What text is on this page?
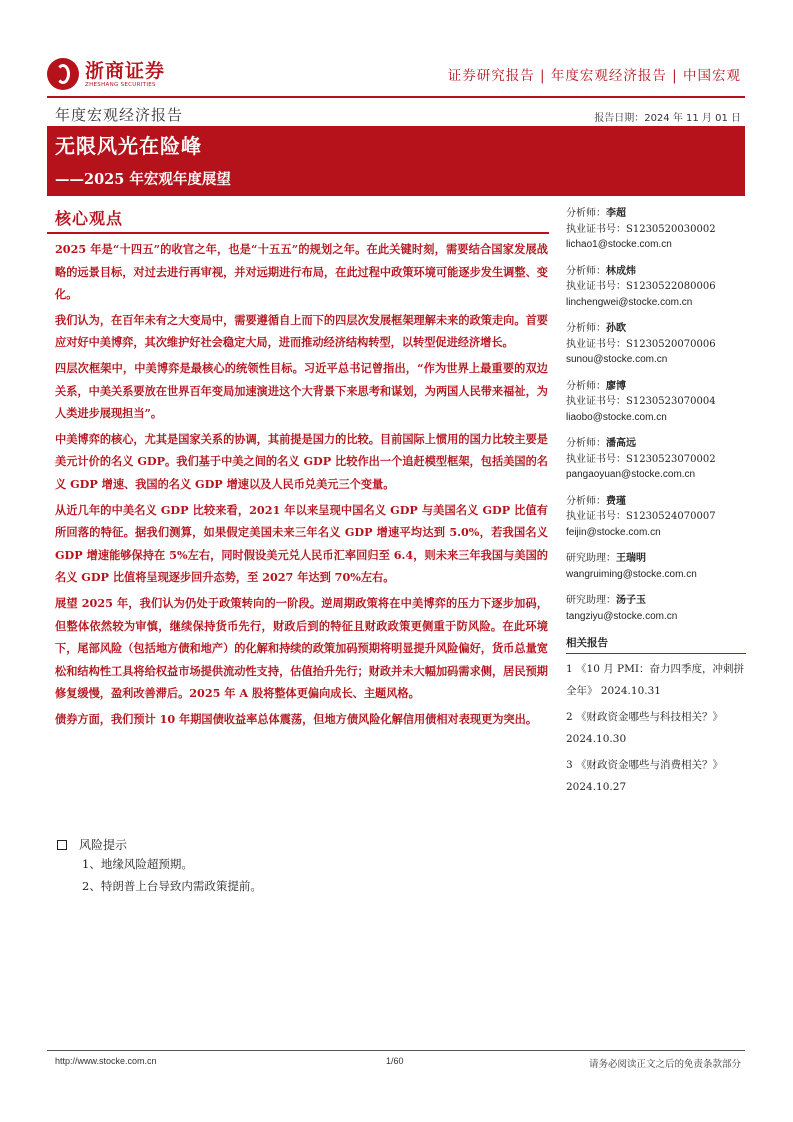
浙商证券
ZHESHANG SECURITIES
证券研究报告 | 年度宏观经济报告 | 中国宏观
年度宏观经济报告	报告日期：2024 年 11 月 01 日
无限风光在险峰
——2025 年宏观年度展望
核心观点

2025 年是“十四五”的收官之年，也是“十五五”的规划之年。在此关键时刻，需要结合国家发展战略的远景目标，对过去进行再审视，并对远期进行布局，在此过程中政策环境可能逐步发生调整、变化。

我们认为，在百年未有之大变局中，需要遵循自上而下的四层次发展框架理解未来的政策走向。首要应对好中美博弈，其次维护好社会稳定大局，进而推动经济结构转型，以转型促进经济增长。

四层次框架中，中美博弈是最核心的统领性目标。习近平总书记曾指出，“作为世界上最重要的双边关系，中美关系要放在世界百年变局加速演进这个大背景下来思考和谋划，为两国人民带来福祉，为人类进步展现担当”。

中美博弈的核心，尤其是国家关系的协调，其前提是国力的比较。目前国际上惯用的国力比较主要是美元计价的名义 GDP。我们基于中美之间的名义 GDP 比较作出一个追赶模型框架，包括美国的名义 GDP 增速、我国的名义 GDP 增速以及人民币兑美元三个变量。

从近几年的中美名义 GDP 比较来看，2021 年以来呈现中国名义 GDP 与美国名义 GDP 比值有所回落的特征。据我们测算，如果假定美国未来三年名义 GDP 增速平均达到 5.0%，若我国名义 GDP 增速能够保持在 5%左右，同时假设美元兑人民币汇率回归至 6.4，则未来三年我国与美国的名义 GDP 比值将呈现逐步回升态势，至 2027 年达到 70%左右。

展望 2025 年，我们认为仍处于政策转向的一阶段。逆周期政策将在中美博弈的压力下逐步加码，但整体依然较为审慎，继续保持货币先行，财政后到的特征且财政政策更侧重于防风险。在此环境下，尾部风险（包括地方债和地产）的化解和持续的政策加码预期将明显提升风险偏好，货币总量宽松和结构性工具将给权益市场提供流动性支持，估值抬升先行；财政并未大幅加码需求侧，居民预期修复缓慢，盈利改善滞后。2025 年 A 股将整体更偏向成长、主题风格。

债券方面，我们预计 10 年期国债收益率总体震荡，但地方债风险化解信用债相对表现更为突出。

风险提示
1、地缘风险超预期。
2、特朗普上台导致内需政策提前。
分析师：李超
执业证书号：S1230520030002
lichao1@stocke.com.cn
分析师：林成炜
执业证书号：S1230522080006
linchengwei@stocke.com.cn
分析师：孙欧
执业证书号：S1230520070006
sunou@stocke.com.cn
分析师：廖博
执业证书号：S1230523070004
liaobo@stocke.com.cn
分析师：潘高远
执业证书号：S1230523070002
pangaoyuan@stocke.com.cn
分析师：费瑾
执业证书号：S1230524070007
feijin@stocke.com.cn
研究助理：王瑞明
wangruiming@stocke.com.cn
研究助理：汤子玉
tangziyu@stocke.com.cn
相关报告
1 《10 月 PMI：奋力四季度，冲刺拼全年》 2024.10.31
2 《财政资金哪些与科技相关？》 2024.10.30
3 《财政资金哪些与消费相关？》 2024.10.27
http://www.stocke.com.cn	1/60	请务必阅读正文之后的免责条款部分
